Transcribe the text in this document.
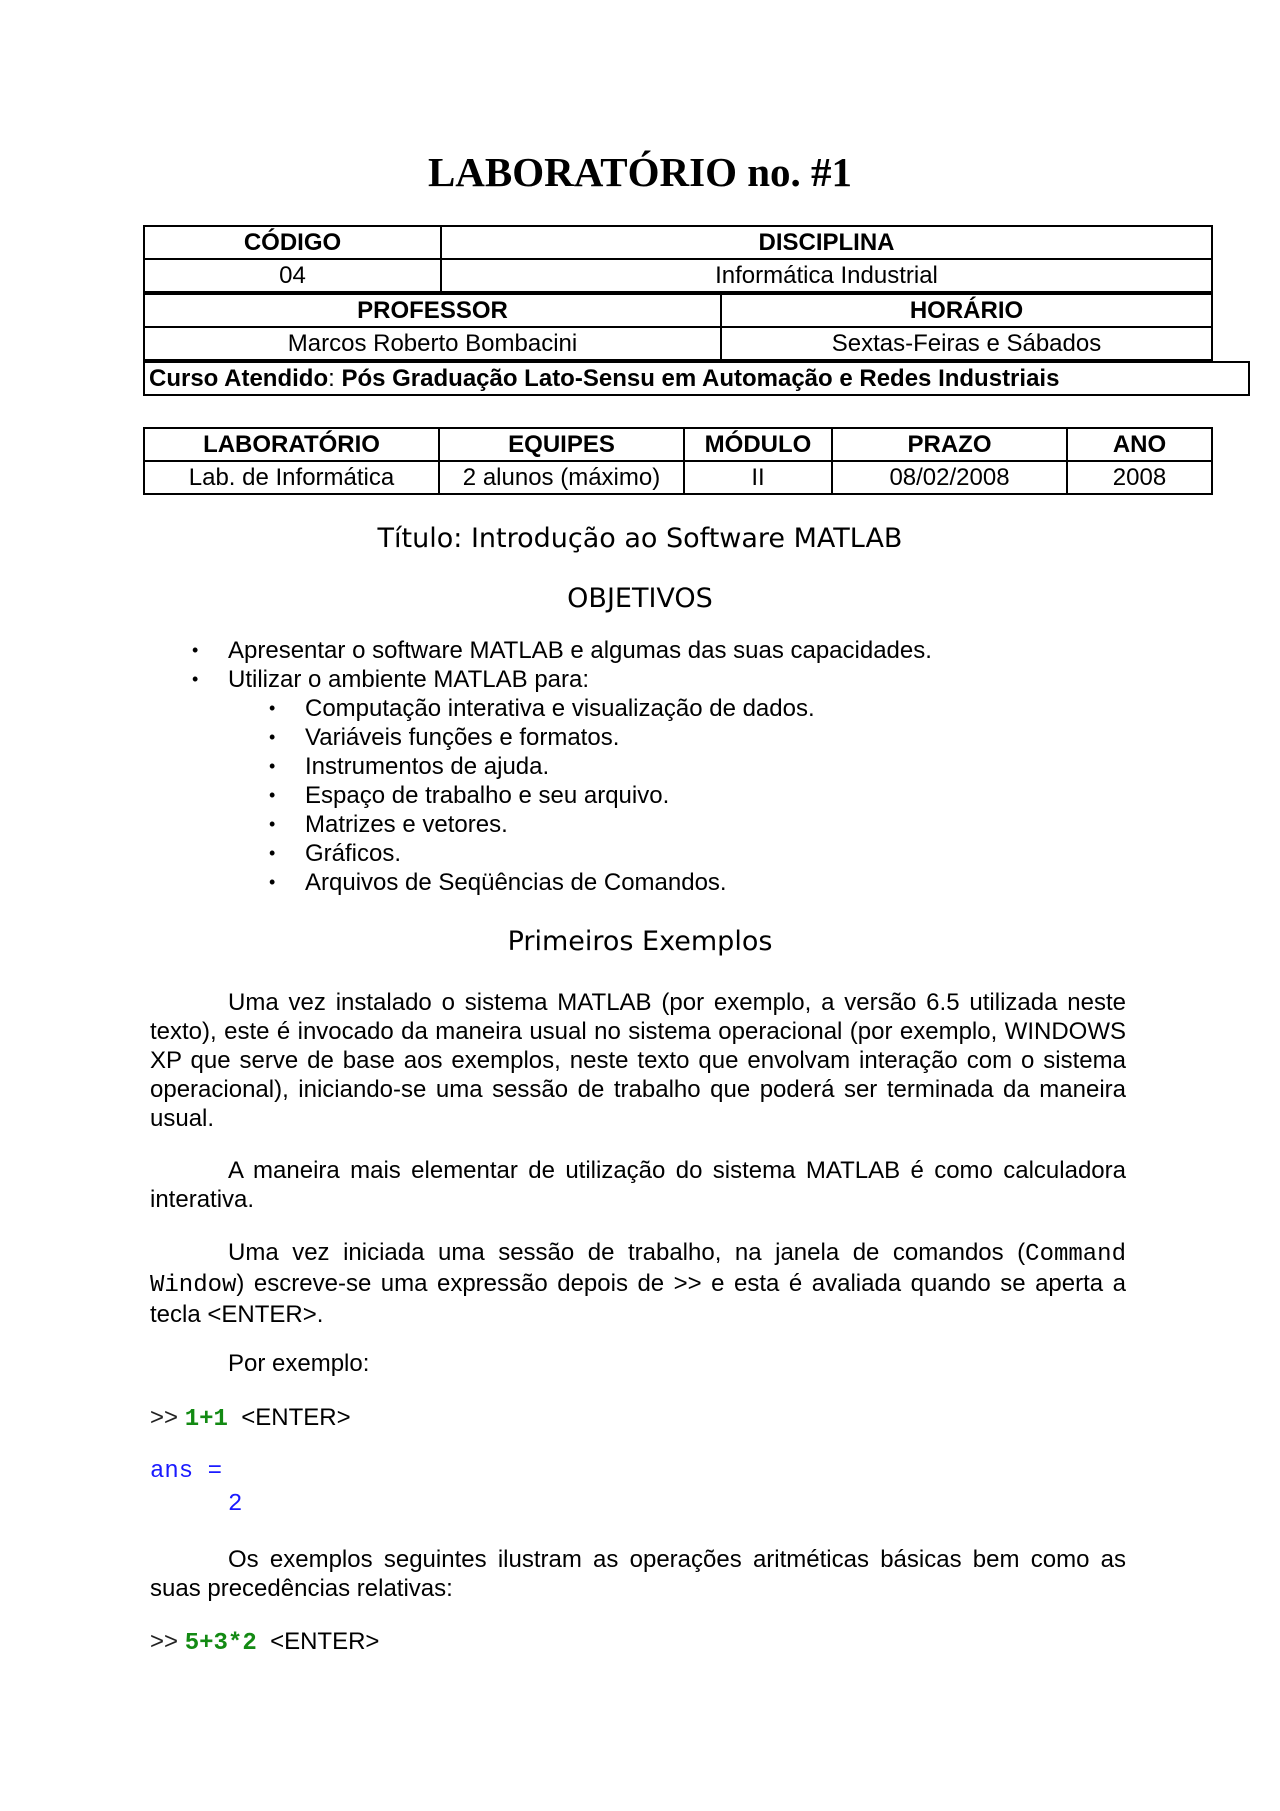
LABORATÓRIO no. #1
CÓDIGO	DISCIPLINA
04	Informática Industrial
PROFESSOR	HORÁRIO
Marcos Roberto Bombacini	Sextas-Feiras e Sábados
Curso Atendido: Pós Graduação Lato-Sensu em Automação e Redes Industriais
LABORATÓRIO	EQUIPES	MÓDULO	PRAZO	ANO
Lab. de Informática	2 alunos (máximo)	II	08/02/2008	2008
Título: Introdução ao Software MATLAB
OBJETIVOS
• Apresentar o software MATLAB e algumas das suas capacidades.
• Utilizar o ambiente MATLAB para:
• Computação interativa e visualização de dados.
• Variáveis funções e formatos.
• Instrumentos de ajuda.
• Espaço de trabalho e seu arquivo.
• Matrizes e vetores.
• Gráficos.
• Arquivos de Seqüências de Comandos.
Primeiros Exemplos
Uma vez instalado o sistema MATLAB (por exemplo, a versão 6.5 utilizada neste texto), este é invocado da maneira usual no sistema operacional (por exemplo, WINDOWS XP que serve de base aos exemplos, neste texto que envolvam interação com o sistema operacional), iniciando-se uma sessão de trabalho que poderá ser terminada da maneira usual.
A maneira mais elementar de utilização do sistema MATLAB é como calculadora interativa.
Uma vez iniciada uma sessão de trabalho, na janela de comandos (Command Window) escreve-se uma expressão depois de >> e esta é avaliada quando se aperta a tecla <ENTER>.
Por exemplo:
>> 1+1 <ENTER>
ans =
2
Os exemplos seguintes ilustram as operações aritméticas básicas bem como as suas precedências relativas:
>> 5+3*2 <ENTER>
